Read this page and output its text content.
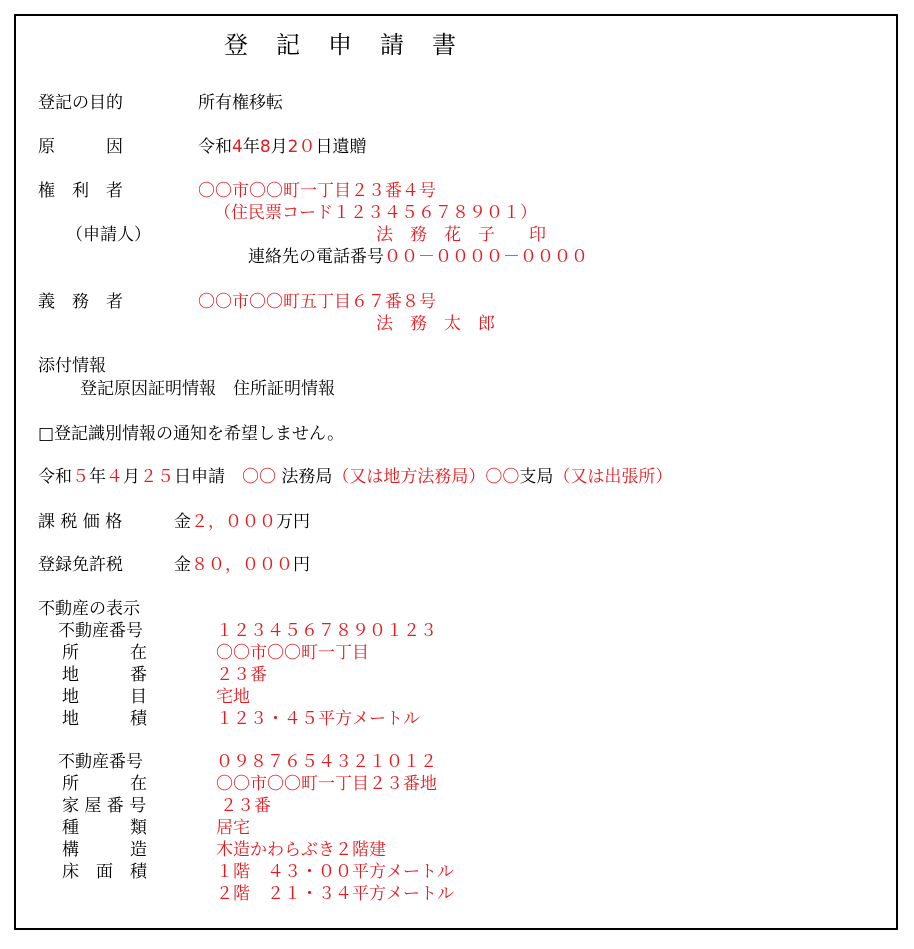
登　記　申　請　書
登記の目的	所有権移転
原　　　因	令和4年8月2０日遺贈
権　利　者	〇〇市〇〇町一丁目２３番４号
（住民票コード１２３４５６７８９０１）
（申請人）	法　務　花　子　　印
連絡先の電話番号００－００００－００００
義　務　者	〇〇市〇〇町五丁目６７番８号
法　務　太　郎
添付情報
登記原因証明情報　住所証明情報
□登記識別情報の通知を希望しません。
令和５年４月２５日申請　 〇〇 法務局（又は地方法務局）〇〇支局（又は出張所）
課 税 価 格	金２，０００万円
登録免許税	金８０，０００円
不動産の表示
不動産番号	１２３４５６７８９０１２３
所　　　在	〇〇市〇〇町一丁目
地　　　番	２３番
地　　　目	宅地
地　　　積	１２３・４５平方メートル
不動産番号	０９８７６５４３２１０１２
所　　　在	〇〇市〇〇町一丁目２３番地
家 屋 番 号	２３番
種　　　類	居宅
構　　　造	木造かわらぶき２階建
床　面　積	１階　４３・００平方メートル
２階　２１・３４平方メートル
